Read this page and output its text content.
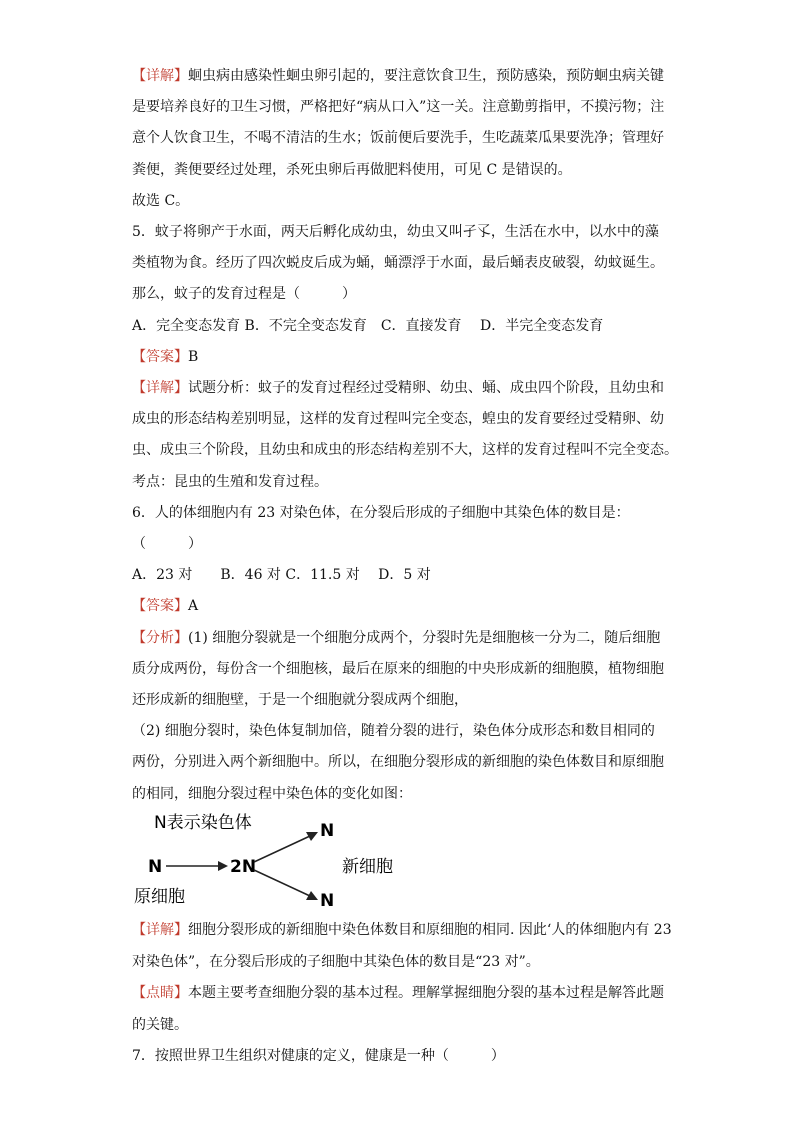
【详解】蛔虫病由感染性蛔虫卵引起的，要注意饮食卫生，预防感染，预防蛔虫病关键
是要培养良好的卫生习惯，严格把好“病从口入”这一关。注意勤剪指甲，不摸污物；注
意个人饮食卫生，不喝不清洁的生水；饭前便后要洗手，生吃蔬菜瓜果要洗净；管理好
粪便，粪便要经过处理，杀死虫卵后再做肥料使用，可见 C 是错误的。
故选 C。
5．蚊子将卵产于水面，两天后孵化成幼虫，幼虫又叫孑孓，生活在水中，以水中的藻
类植物为食。经历了四次蜕皮后成为蛹，蛹漂浮于水面，最后蛹表皮破裂，幼蚊诞生。
那么，蚊子的发育过程是（　　　）
A．完全变态发育 B．不完全变态发育　C．直接发育　 D．半完全变态发育
【答案】B
【详解】试题分析：蚊子的发育过程经过受精卵、幼虫、蛹、成虫四个阶段，且幼虫和
成虫的形态结构差别明显，这样的发育过程叫完全变态，蝗虫的发育要经过受精卵、幼
虫、成虫三个阶段，且幼虫和成虫的形态结构差别不大，这样的发育过程叫不完全变态。
考点：昆虫的生殖和发育过程。
6．人的体细胞内有 23 对染色体，在分裂后形成的子细胞中其染色体的数目是：
（　　　）
A．23 对　　B．46 对 C．11.5 对　 D．5 对
【答案】A
【分析】(1) 细胞分裂就是一个细胞分成两个，分裂时先是细胞核一分为二，随后细胞
质分成两份，每份含一个细胞核，最后在原来的细胞的中央形成新的细胞膜，植物细胞
还形成新的细胞壁，于是一个细胞就分裂成两个细胞，
（2) 细胞分裂时，染色体复制加倍，随着分裂的进行，染色体分成形态和数目相同的
两份，分别进入两个新细胞中。所以，在细胞分裂形成的新细胞的染色体数目和原细胞
的相同，细胞分裂过程中染色体的变化如图：
【详解】细胞分裂形成的新细胞中染色体数目和原细胞的相同. 因此‘人的体细胞内有 23
对染色体”，在分裂后形成的子细胞中其染色体的数目是“23 对”。
【点睛】本题主要考查细胞分裂的基本过程。理解掌握细胞分裂的基本过程是解答此题
的关键。
7．按照世界卫生组织对健康的定义，健康是一种（　　　）
N表示染色体
N
原细胞
2N
N
N
新细胞
